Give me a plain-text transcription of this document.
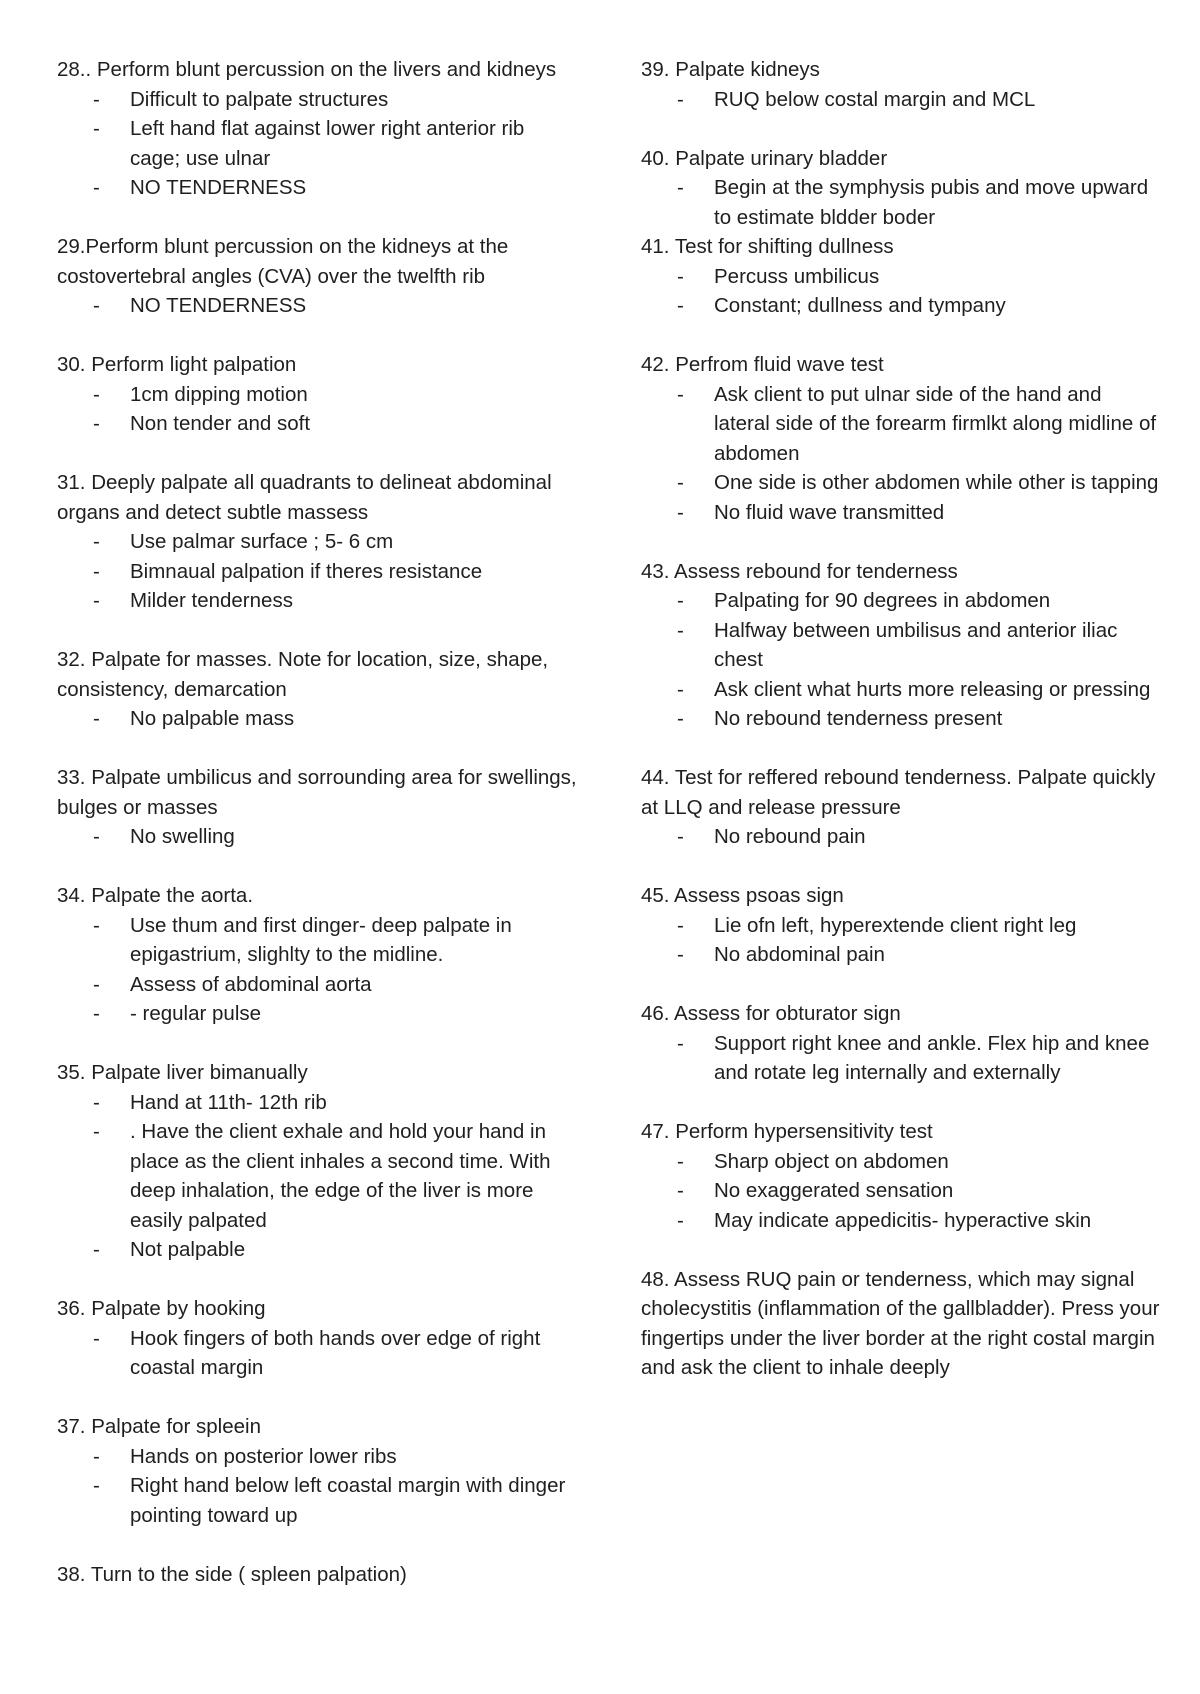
28.. Perform blunt percussion on the livers and kidneys

- Difficult to palpate structures
- Left hand flat against lower right anterior rib cage; use ulnar
- NO TENDERNESS

29.Perform blunt percussion on the kidneys at the costovertebral angles (CVA) over the twelfth rib

- NO TENDERNESS

30. Perform light palpation

- 1cm dipping motion
- Non tender and soft

31. Deeply palpate all quadrants to delineat abdominal organs and detect subtle massess

- Use palmar surface ; 5- 6 cm
- Bimnaual palpation if theres resistance
- Milder tenderness

32. Palpate for masses. Note for location, size, shape, consistency, demarcation

- No palpable mass

33. Palpate umbilicus and sorrounding area for swellings, bulges or masses

- No swelling

34. Palpate the aorta.

- Use thum and first dinger- deep palpate in epigastrium, slighlty to the midline.
- Assess of abdominal aorta
- - regular pulse

35. Palpate liver bimanually

- Hand at 11th- 12th rib
- . Have the client exhale and hold your hand in place as the client inhales a second time. With deep inhalation, the edge of the liver is more easily palpated
- Not palpable

36. Palpate by hooking

- Hook fingers of both hands over edge of right coastal margin

37. Palpate for spleein

- Hands on posterior lower ribs
- Right hand below left coastal margin with dinger pointing toward up

38. Turn to the side ( spleen palpation)

39. Palpate kidneys

- RUQ below costal margin and MCL

40. Palpate urinary bladder

- Begin at the symphysis pubis and move upward to estimate bldder boder

41. Test for shifting dullness

- Percuss umbilicus
- Constant; dullness and tympany

42. Perfrom fluid wave test

- Ask client to put ulnar side of the hand and lateral side of the forearm firmlkt along midline of abdomen
- One side is other abdomen while other is tapping
- No fluid wave transmitted

43. Assess rebound for tenderness

- Palpating for 90 degrees in abdomen
- Halfway between umbilisus and anterior iliac chest
- Ask client what hurts more releasing or pressing
- No rebound tenderness present

44. Test for reffered rebound tenderness. Palpate quickly at LLQ and release pressure

- No rebound pain

45. Assess psoas sign

- Lie ofn left, hyperextende client right leg
- No abdominal pain

46. Assess for obturator sign

- Support right knee and ankle. Flex hip and knee and rotate leg internally and externally

47. Perform hypersensitivity test

- Sharp object on abdomen
- No exaggerated sensation
- May indicate appedicitis- hyperactive skin

48. Assess RUQ pain or tenderness, which may signal cholecystitis (inflammation of the gallbladder). Press your fingertips under the liver border at the right costal margin and ask the client to inhale deeply
